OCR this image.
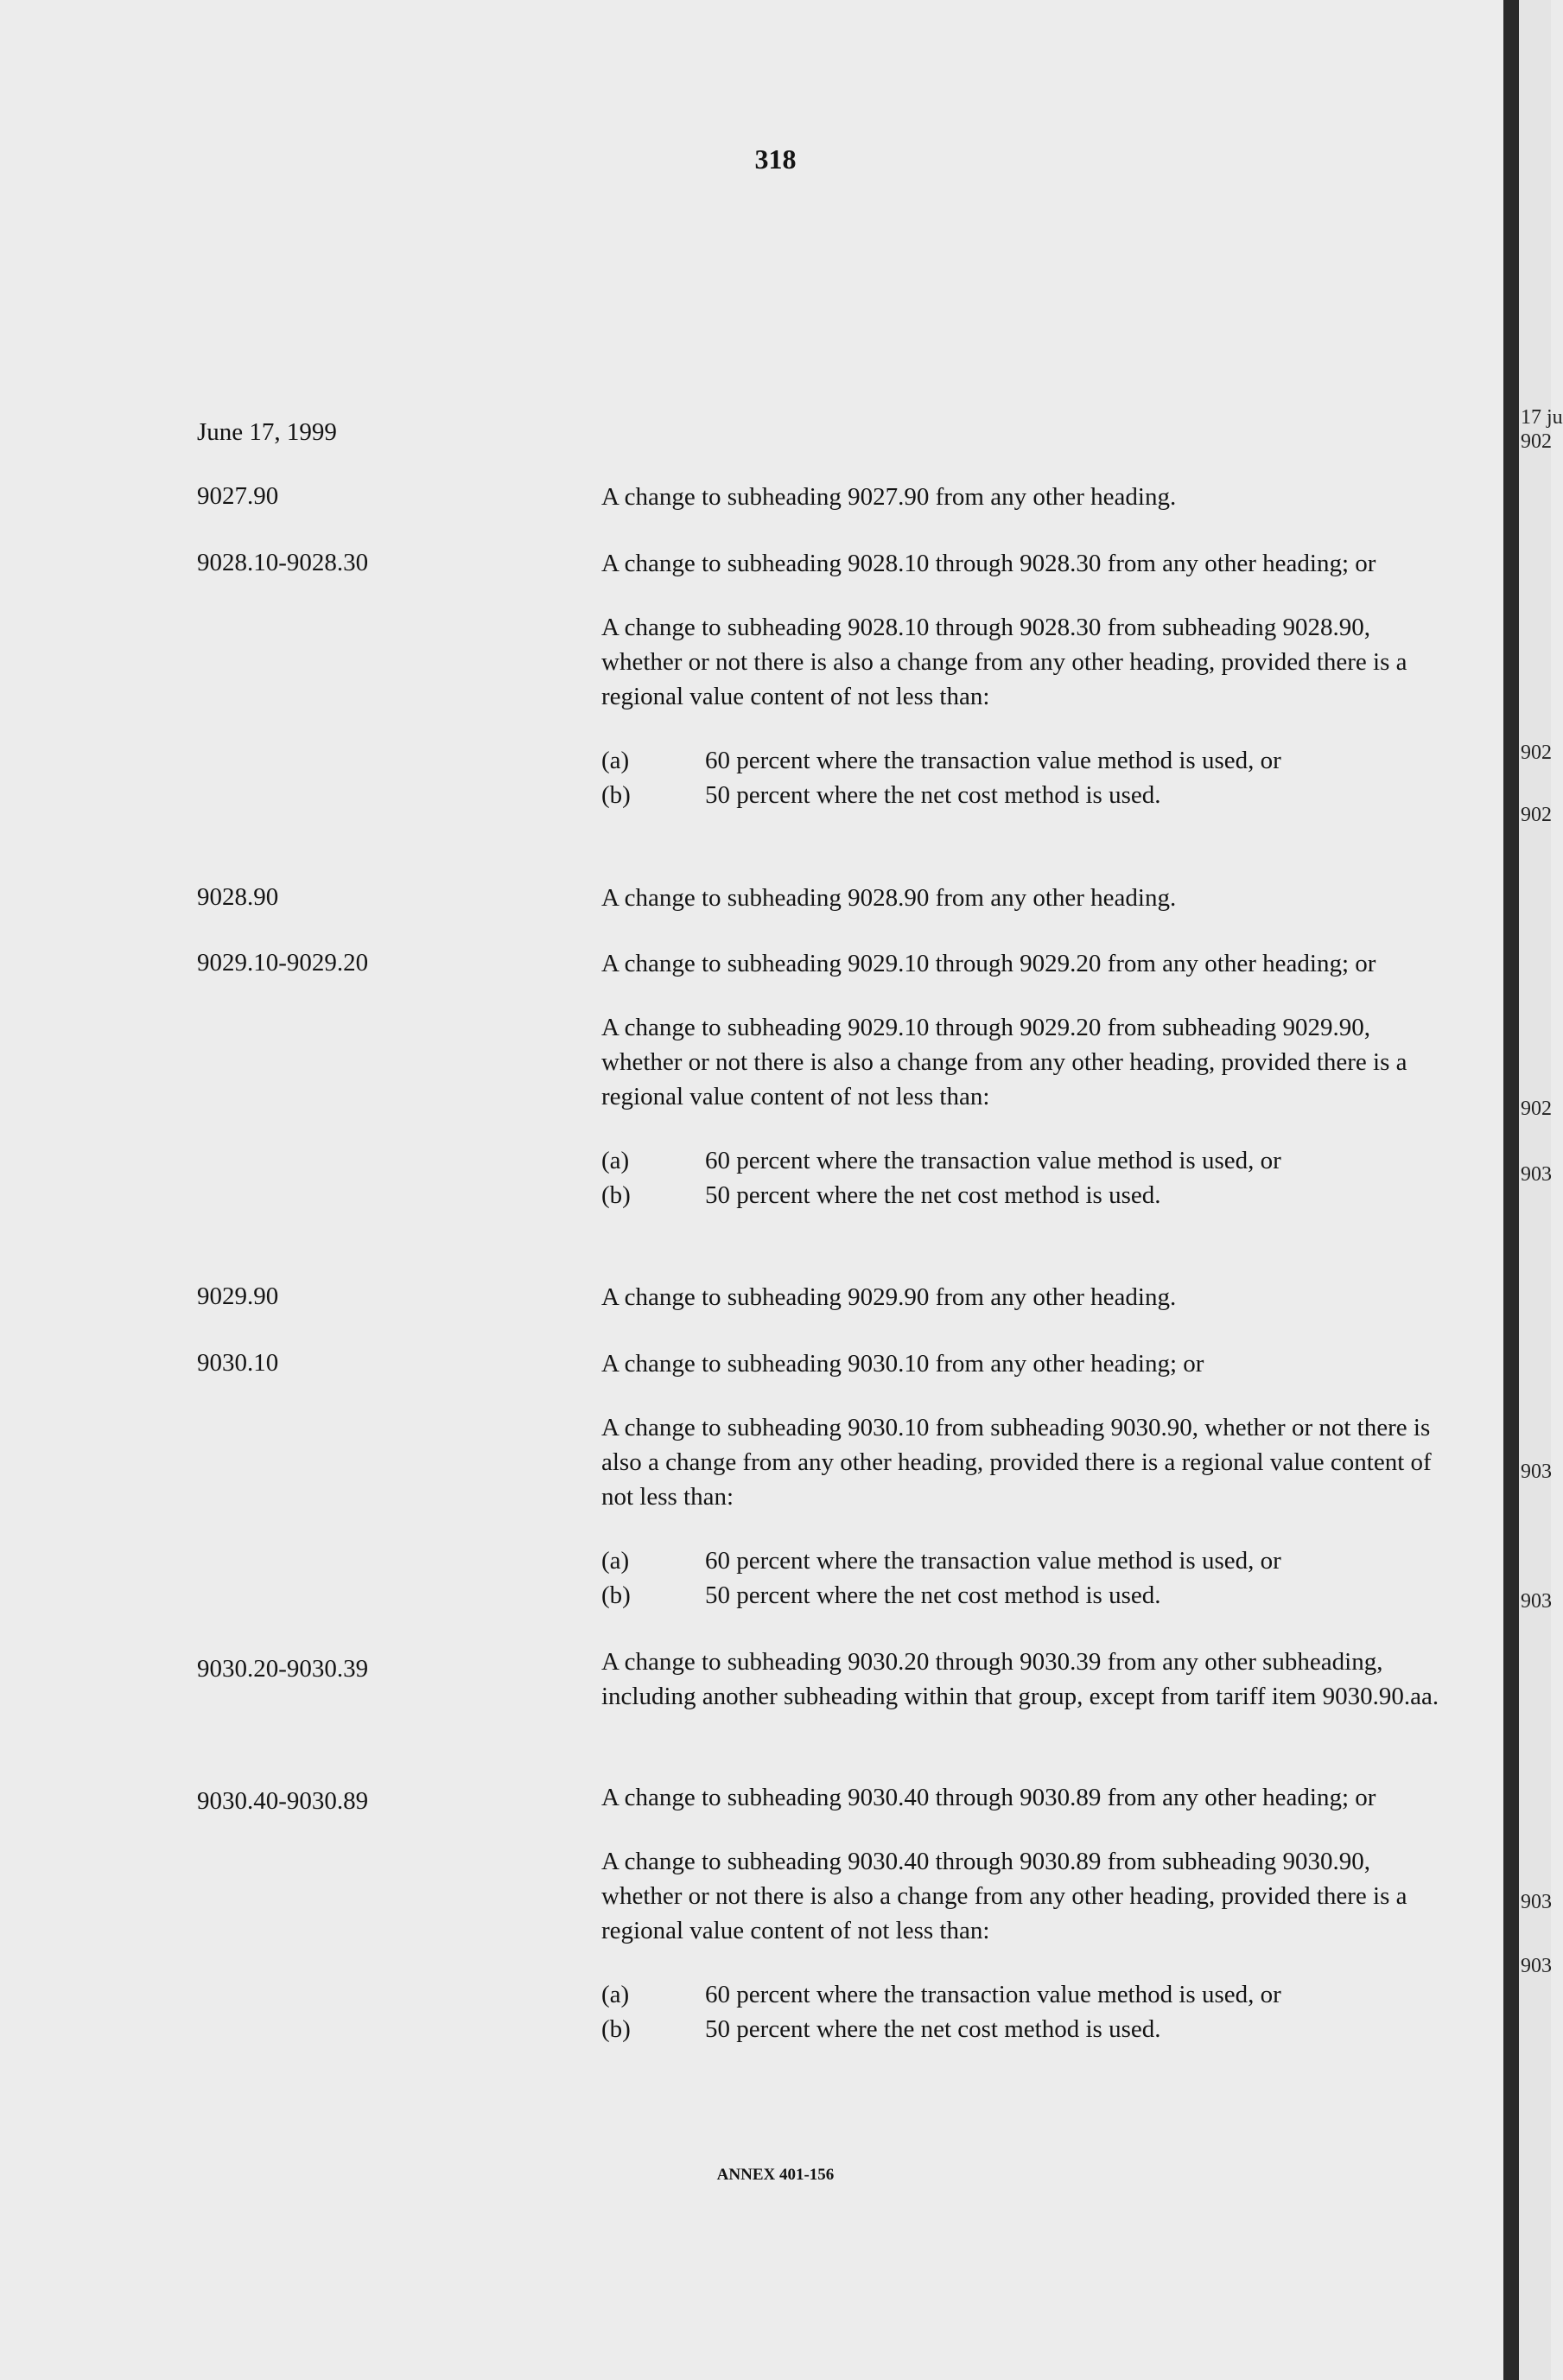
17 ju
902
902
902
902
903
903
903
903
903
318
June 17, 1999
9027.90	A change to subheading 9027.90 from any other heading.

9028.10-9028.30	A change to subheading 9028.10 through 9028.30 from any other heading; or

A change to subheading 9028.10 through 9028.30 from subheading 9028.90, whether or not there is also a change from any other heading, provided there is a regional value content of not less than:

(a)	60 percent where the transaction value method is used, or
(b)	50 percent where the net cost method is used.
9028.90	A change to subheading 9028.90 from any other heading.

9029.10-9029.20	A change to subheading 9029.10 through 9029.20 from any other heading; or

A change to subheading 9029.10 through 9029.20 from subheading 9029.90, whether or not there is also a change from any other heading, provided there is a regional value content of not less than:

(a)	60 percent where the transaction value method is used, or
(b)	50 percent where the net cost method is used.
9029.90	A change to subheading 9029.90 from any other heading.

9030.10	A change to subheading 9030.10 from any other heading; or

A change to subheading 9030.10 from subheading 9030.90, whether or not there is also a change from any other heading, provided there is a regional value content of not less than:

(a)	60 percent where the transaction value method is used, or
(b)	50 percent where the net cost method is used.
9030.20-9030.39	A change to subheading 9030.20 through 9030.39 from any other subheading, including another subheading within that group, except from tariff item 9030.90.aa.

9030.40-9030.89	A change to subheading 9030.40 through 9030.89 from any other heading; or

A change to subheading 9030.40 through 9030.89 from subheading 9030.90, whether or not there is also a change from any other heading, provided there is a regional value content of not less than:

(a)	60 percent where the transaction value method is used, or
(b)	50 percent where the net cost method is used.
ANNEX 401-156
